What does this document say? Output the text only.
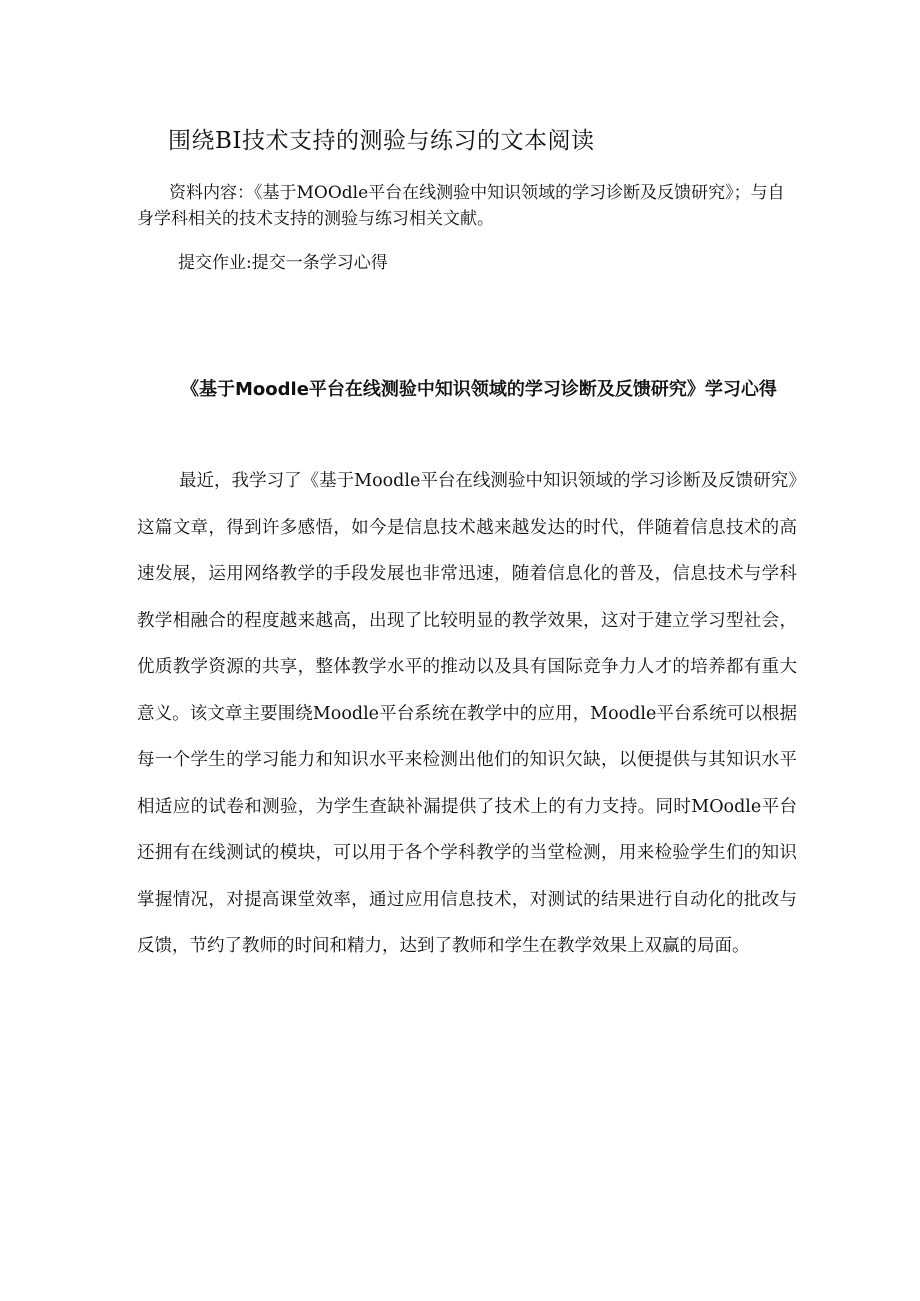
围绕BI技术支持的测验与练习的文本阅读
资料内容：《基于MOOdle平台在线测验中知识领域的学习诊断及反馈研究》；与自身学科相关的技术支持的测验与练习相关文献。
提交作业:提交一条学习心得
《基于Moodle平台在线测验中知识领域的学习诊断及反馈研究》学习心得
最近，我学习了《基于Moodle平台在线测验中知识领域的学习诊断及反馈研究》这篇文章，得到许多感悟，如今是信息技术越来越发达的时代，伴随着信息技术的高速发展，运用网络教学的手段发展也非常迅速，随着信息化的普及，信息技术与学科教学相融合的程度越来越高，出现了比较明显的教学效果，这对于建立学习型社会，优质教学资源的共享，整体教学水平的推动以及具有国际竞争力人才的培养都有重大意义。该文章主要围绕Moodle平台系统在教学中的应用，Moodle平台系统可以根据每一个学生的学习能力和知识水平来检测出他们的知识欠缺，以便提供与其知识水平相适应的试卷和测验，为学生查缺补漏提供了技术上的有力支持。同时MOodle平台还拥有在线测试的模块，可以用于各个学科教学的当堂检测，用来检验学生们的知识掌握情况，对提高课堂效率，通过应用信息技术，对测试的结果进行自动化的批改与反馈，节约了教师的时间和精力，达到了教师和学生在教学效果上双赢的局面。
